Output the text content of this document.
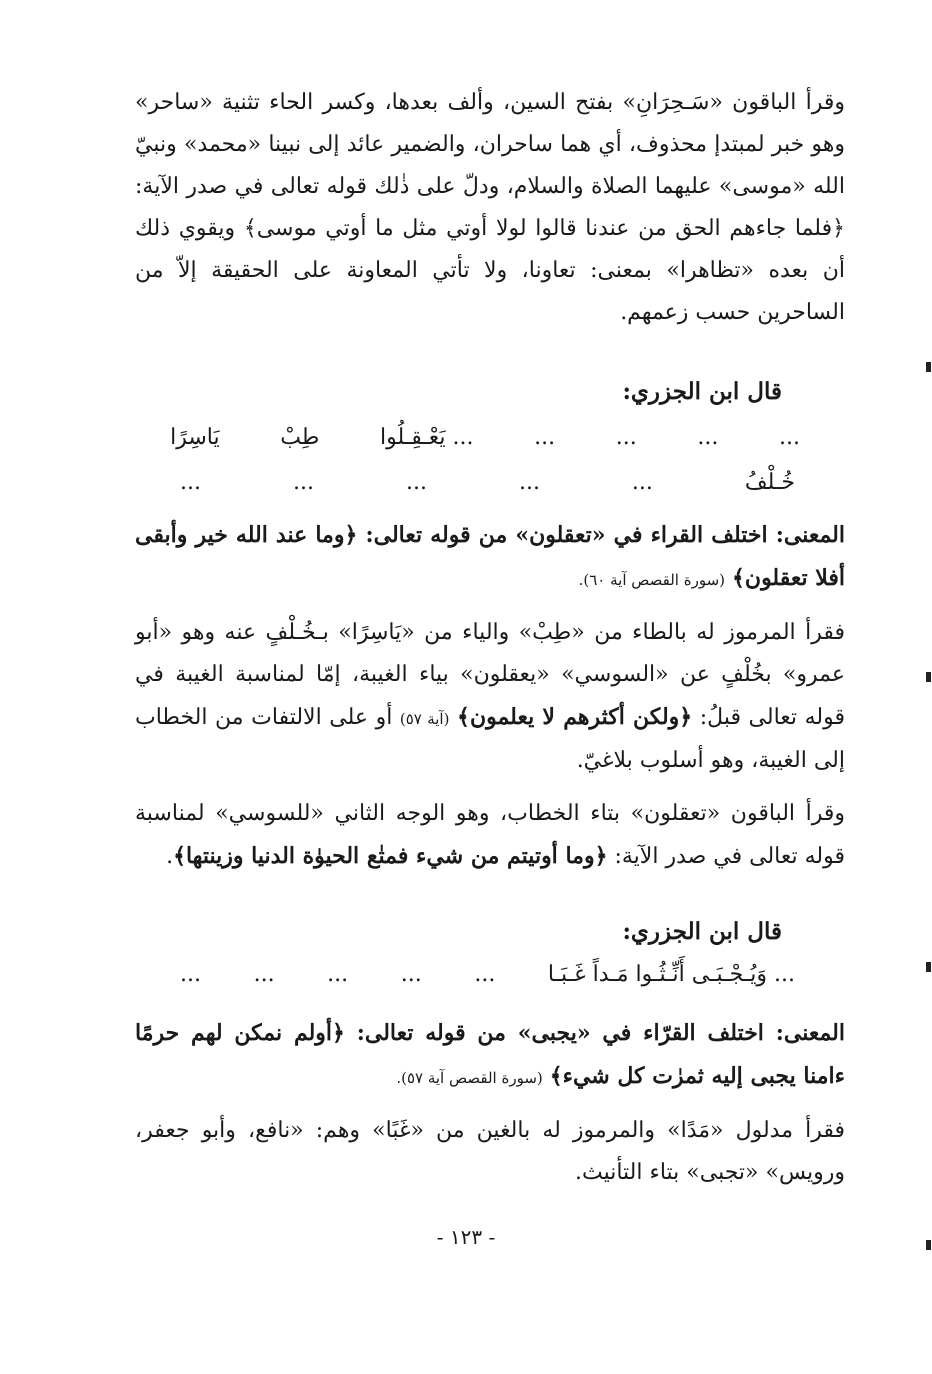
وقرأ الباقون «سَـحِرَانِ» بفتح السين، وألف بعدها، وكسر الحاء تثنية «ساحر» وهو خبر لمبتدإ محذوف، أي هما ساحران، والضمير عائد إلى نبينا «محمد» ونبيّ الله «موسى» عليهما الصلاة والسلام، ودلّ على ذٰلك قوله تعالى في صدر الآية: ﴿فلما جاءهم الحق من عندنا قالوا لولا أوتي مثل ما أوتي موسى﴾ ويقوي ذلك أن بعده «تظاهرا» بمعنى: تعاونا، ولا تأتي المعاونة على الحقيقة إلاّ من الساحرين حسب زعمهم.

قال ابن الجزري:

...
...
...
...
... يَعْـقِـلُوا
طِبْ
يَاسِرًا
خُـلْفُ
...
...
...
...
...

المعنى: اختلف القراء في «تعقلون» من قوله تعالى: ﴿وما عند الله خير وأبقى أفلا تعقلون﴾ (سورة القصص آية ٦٠).

فقرأ المرموز له بالطاء من «طِبْ» والياء من «يَاسِرًا» بـخُـلْفٍ عنه وهو «أبو عمرو» بخُلْفٍ عن «السوسي» «يعقلون» بياء الغيبة، إمّا لمناسبة الغيبة في قوله تعالى قبلُ: ﴿ولكن أكثرهم لا يعلمون﴾ (آية ٥٧) أو على الالتفات من الخطاب إلى الغيبة، وهو أسلوب بلاغيّ.

وقرأ الباقون «تعقلون» بتاء الخطاب، وهو الوجه الثاني «للسوسي» لمناسبة قوله تعالى في صدر الآية: ﴿وما أوتيتم من شيء فمتٰع الحيوٰة الدنيا وزينتها﴾.

قال ابن الجزري:

... وَيُـجْـبَـى أَنِّـثُـوا مَـداً غَـبَـا
...
...
...
...
...

المعنى: اختلف القرّاء في «يجبى» من قوله تعالى: ﴿أولم نمكن لهم حرمًا ءامنا يجبى إليه ثمرٰت كل شيء﴾ (سورة القصص آية ٥٧).

فقرأ مدلول «مَدًا» والمرموز له بالغين من «غَبًا» وهم: «نافع، وأبو جعفر، ورويس» «تجبى» بتاء التأنيث.

- ١٢٣ -
